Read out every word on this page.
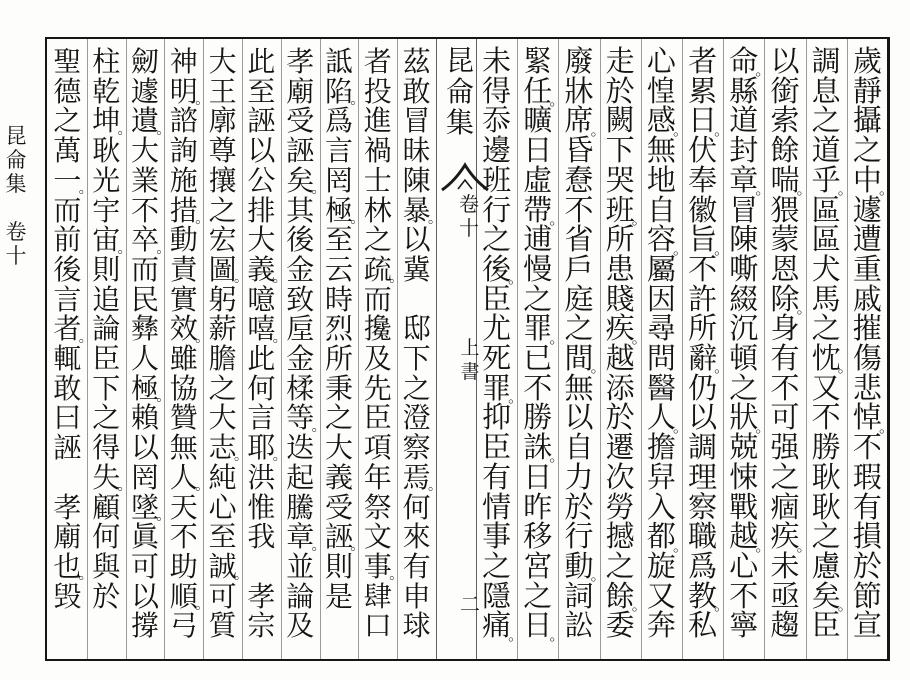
昆
侖
集

卷
十
昆
侖
集
卷
十
上
書
二
歲
靜
攝
之
中
。
遽
遭
重
戚
摧
傷
悲
悼
。
不
瑕
有
損
於
節
宣
調
息
之
道
乎
。
區
區
犬
馬
之
忱
。
又
不
勝
耿
耿
之
慮
矣
。
臣
以
銜
索
餘
喘
。
猥
蒙
恩
除
。
身
有
不
可
强
之
痼
疾
。
未
亟
趨
命
。
縣
道
封
章
。
冒
陳
嘶
綴
沉
頓
之
狀
。
兢
悚
戰
越
。
心
不
寧
者
累
日
。
伏
奉
徽
旨
。
不
許
所
辭
。
仍
以
調
理
察
職
爲
教
。
私
心
惶
感
。
無
地
自
容
。
屬
因
尋
問
醫
人
。
擔
舁
入
都
。
旋
又
奔
走
於
闕
下
哭
班
。
所
患
賤
疾
。
越
添
於
遷
次
勞
撼
之
餘
。
委
廢
牀
席
。
昏
憃
不
省
戶
庭
之
間
。
無
以
自
力
於
行
動
。
詞
訟
緊
任
。
曠
日
虛
帶
。
逋
慢
之
罪
。
已
不
勝
誅
。
日
昨
移
宮
之
日
。
未
得
忝
邊
班
行
之
後
。
臣
尤
死
罪
。
抑
臣
有
情
事
之
隱
痛
。
茲
敢
冒
昧
陳
暴
。
以
冀

邸
下
之
澄
察
焉
。
何
來
有
申
球
者
投
進
禍
士
林
之
疏
。
而
攙
及
先
臣
項
年
祭
文
事
。
肆
口
詆
陷
。
爲
言
罔
極
。
至
云
時
烈
所
秉
之
大
義
受
誣
。
則
是
孝
廟
受
誣
矣
。
其
後
金
致
垕
金
楺
等
。
迭
起
騰
章
。
並
論
及
此
至
誣
以
公
排
大
義
。
噫
嘻
。
此
何
言
耶
。
洪
惟
我

孝
宗
大
王
廓
尊
攘
之
宏
圖
。
躬
薪
膽
之
大
志
。
純
心
至
誠
。
可
質
神
明
。
諮
詢
施
措
。
動
責
實
效
。
雖
協
贊
無
人
。
天
不
助
順
。
弓
劒
遽
遺
。
大
業
不
卒
。
而
民
彝
人
極
。
賴
以
罔
墜
。
眞
可
以
撐
柱
乾
坤
。
耿
光
宇
宙
。
則
追
論
臣
下
之
得
失
。
顧
何
與
於
聖
德
之
萬
一
。
而
前
後
言
者
。
輒
敢
曰
誣

孝
廟
也
。
毁
